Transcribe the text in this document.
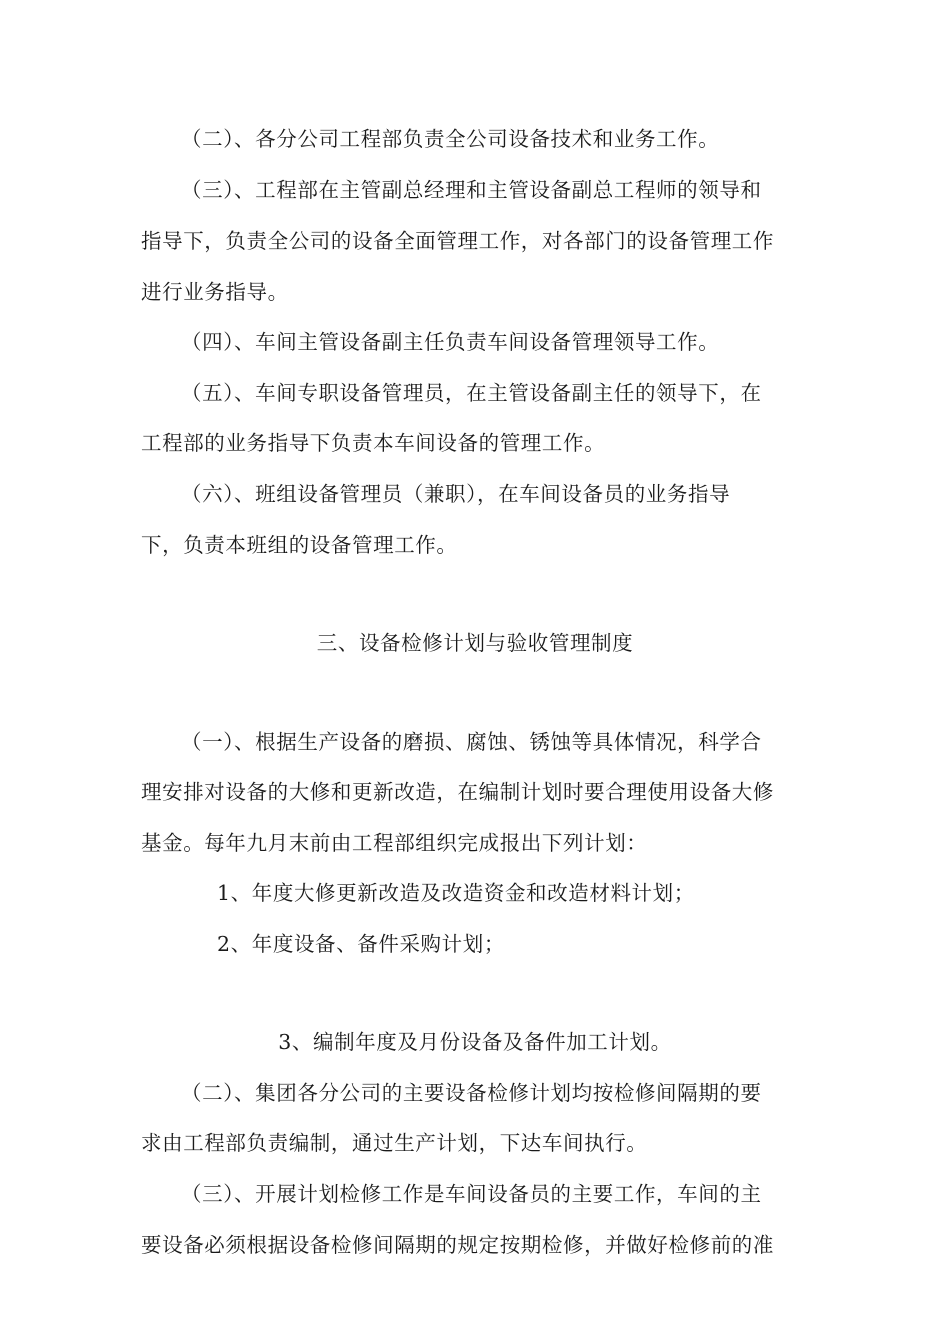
（二）、各分公司工程部负责全公司设备技术和业务工作。
（三）、工程部在主管副总经理和主管设备副总工程师的领导和
指导下，负责全公司的设备全面管理工作，对各部门的设备管理工作
进行业务指导。
（四）、车间主管设备副主任负责车间设备管理领导工作。
（五）、车间专职设备管理员，在主管设备副主任的领导下，在
工程部的业务指导下负责本车间设备的管理工作。
（六）、班组设备管理员（兼职），在车间设备员的业务指导
下，负责本班组的设备管理工作。
三、设备检修计划与验收管理制度
（一）、根据生产设备的磨损、腐蚀、锈蚀等具体情况，科学合
理安排对设备的大修和更新改造，在编制计划时要合理使用设备大修
基金。每年九月末前由工程部组织完成报出下列计划：
1、年度大修更新改造及改造资金和改造材料计划；
2、年度设备、备件采购计划；
3、编制年度及月份设备及备件加工计划。
（二）、集团各分公司的主要设备检修计划均按检修间隔期的要
求由工程部负责编制，通过生产计划，下达车间执行。
（三）、开展计划检修工作是车间设备员的主要工作，车间的主
要设备必须根据设备检修间隔期的规定按期检修，并做好检修前的准
